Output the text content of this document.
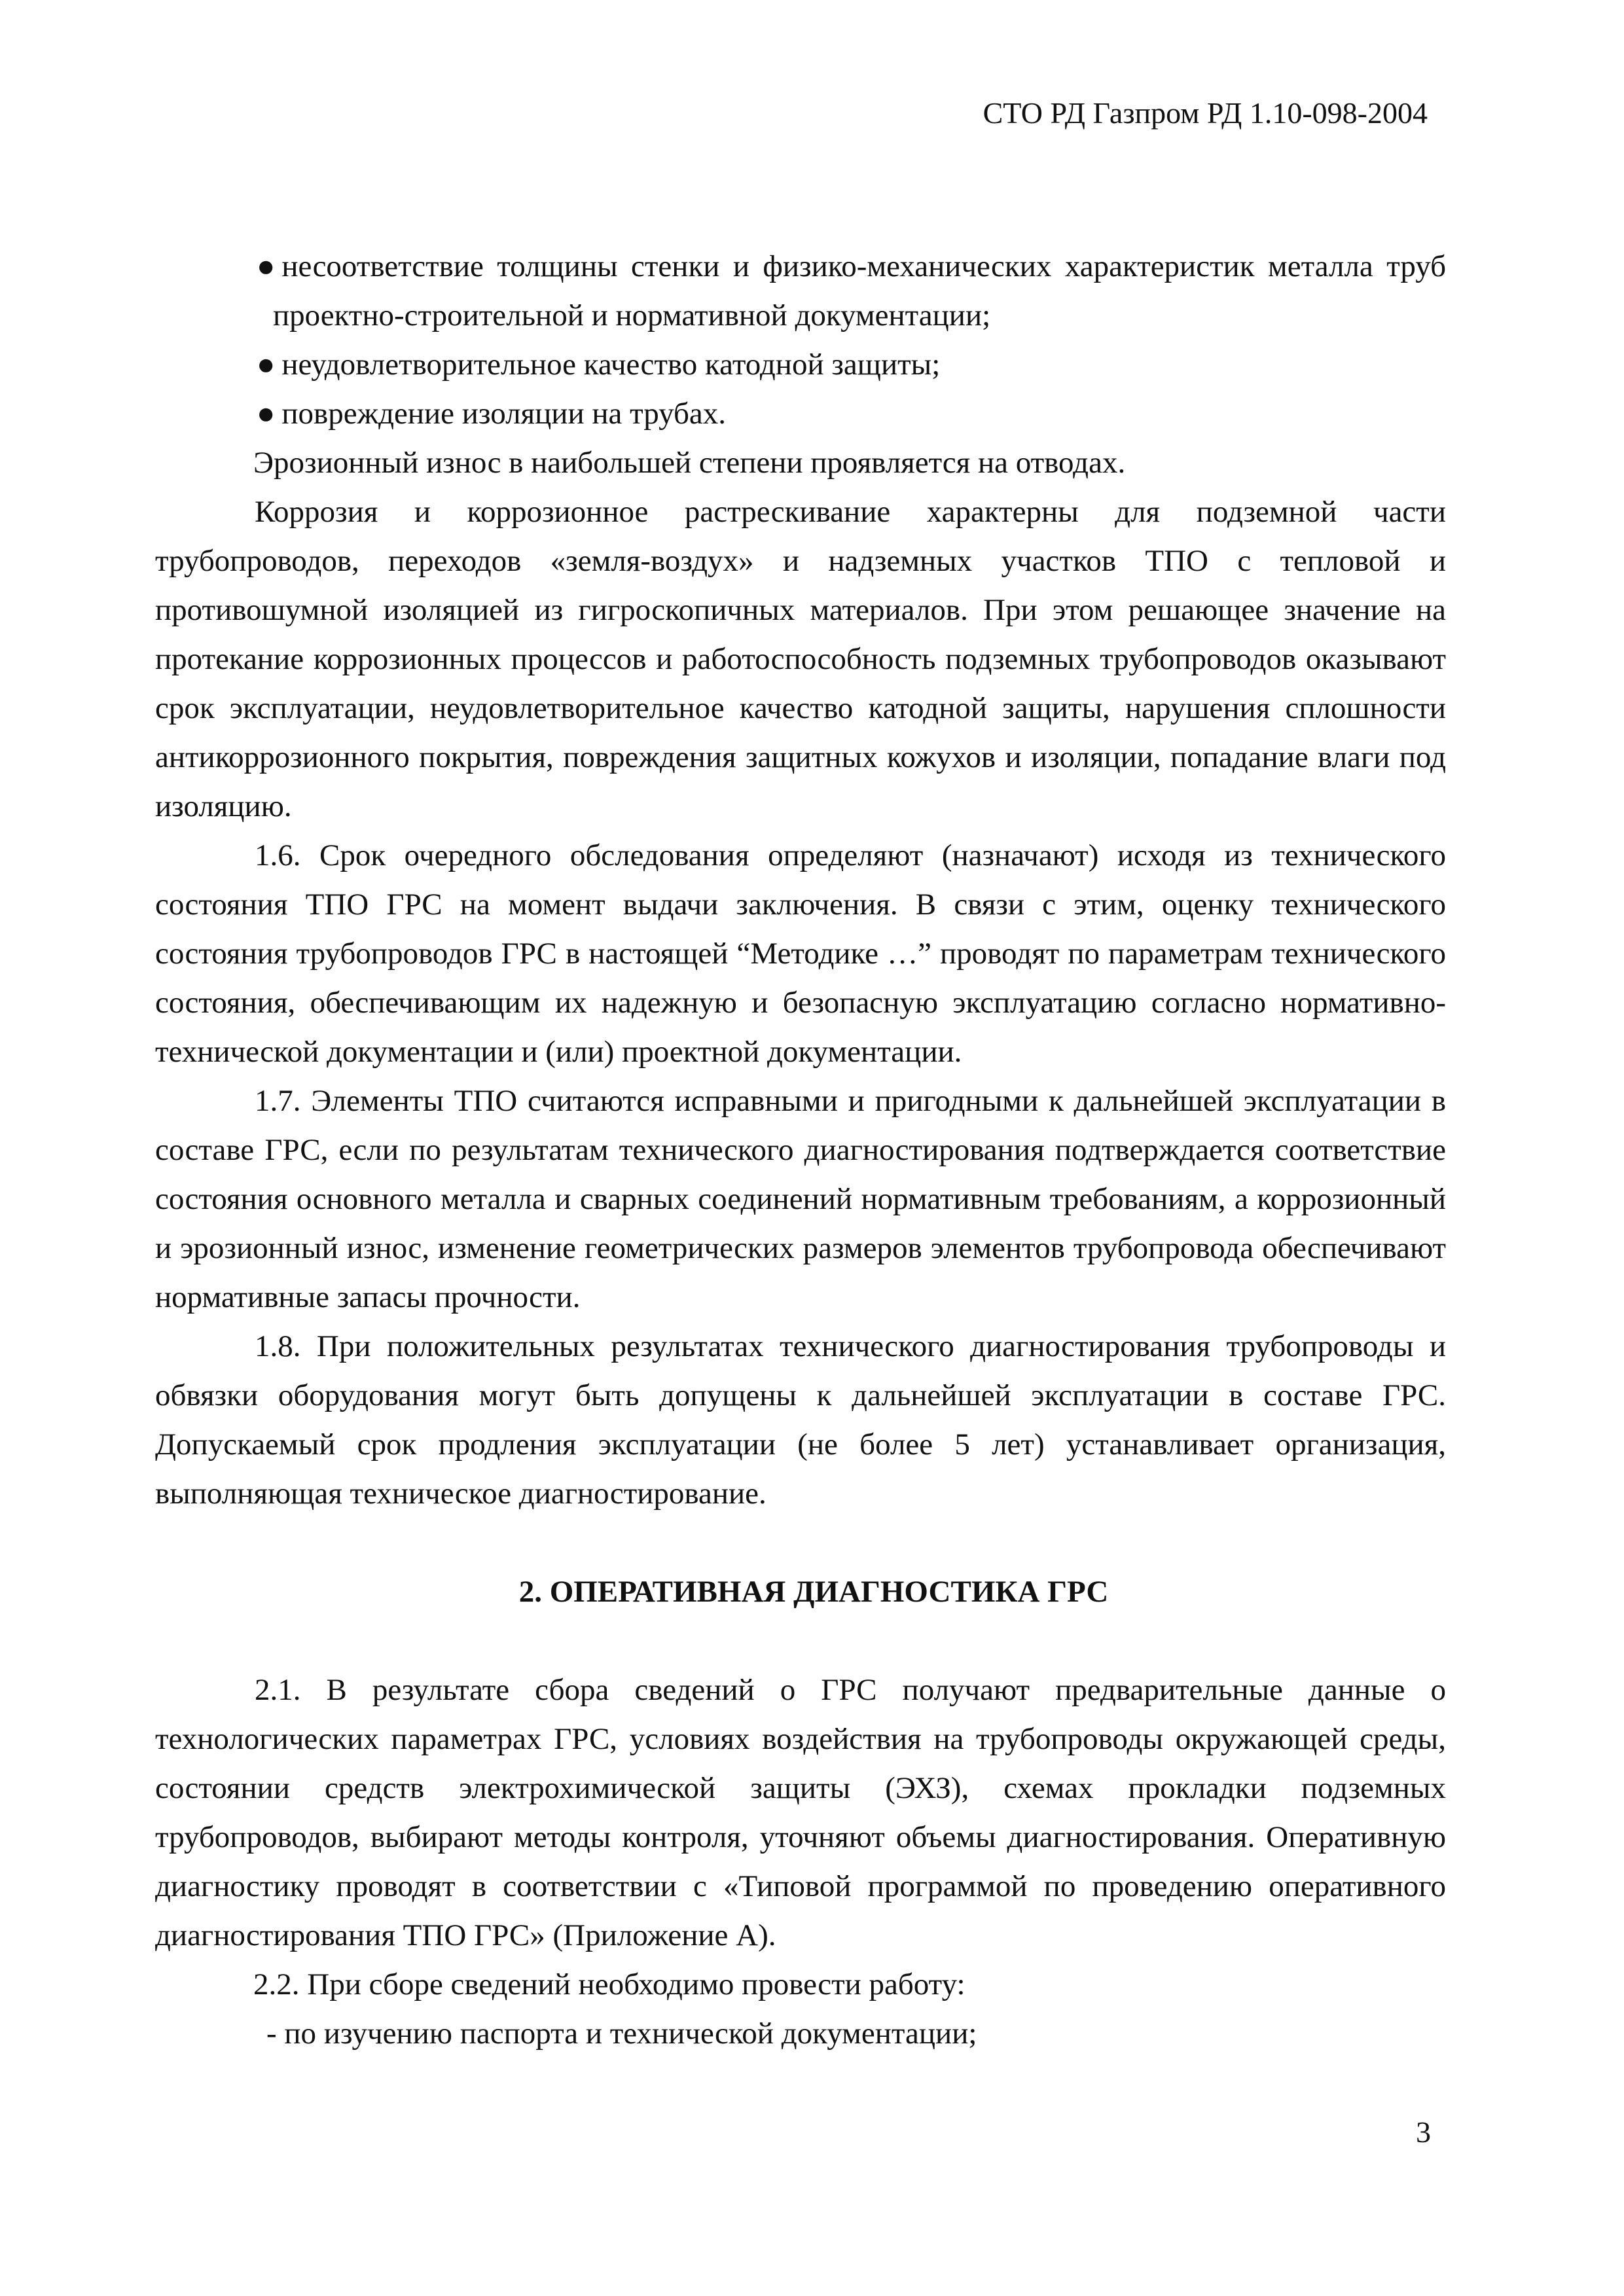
СТО РД Газпром РД 1.10-098-2004

● несоответствие толщины стенки и физико-механических характеристик металла труб проектно-строительной и нормативной документации;

● неудовлетворительное качество катодной защиты;

● повреждение изоляции на трубах.

Эрозионный износ в наибольшей степени проявляется на отводах.

Коррозия и коррозионное растрескивание характерны для подземной части трубопроводов, переходов «земля-воздух» и надземных участков ТПО с тепловой и противошумной изоляцией из гигроскопичных материалов. При этом решающее значение на протекание коррозионных процессов и работоспособность подземных трубопроводов оказывают срок эксплуатации, неудовлетворительное качество катодной защиты, нарушения сплошности антикоррозионного покрытия, повреждения защитных кожухов и изоляции, попадание влаги под изоляцию.

1.6. Срок очередного обследования определяют (назначают) исходя из технического состояния ТПО ГРС на момент выдачи заключения. В связи с этим, оценку технического состояния трубопроводов ГРС в настоящей “Методике …” проводят по параметрам технического состояния, обеспечивающим их надежную и безопасную эксплуатацию согласно нормативно-технической документации и (или) проектной документации.

1.7. Элементы ТПО считаются исправными и пригодными к дальнейшей эксплуатации в составе ГРС, если по результатам технического диагностирования подтверждается соответствие состояния основного металла и сварных соединений нормативным требованиям, а коррозионный и эрозионный износ, изменение геометрических размеров элементов трубопровода обеспечивают нормативные запасы прочности.

1.8. При положительных результатах технического диагностирования трубопроводы и обвязки оборудования могут быть допущены к дальнейшей эксплуатации в составе ГРС. Допускаемый срок продления эксплуатации (не более 5 лет) устанавливает организация, выполняющая техническое диагностирование.

2. ОПЕРАТИВНАЯ ДИАГНОСТИКА ГРС

2.1. В результате сбора сведений о ГРС получают предварительные данные о технологических параметрах ГРС, условиях воздействия на трубопроводы окружающей среды, состоянии средств электрохимической защиты (ЭХЗ), схемах прокладки подземных трубопроводов, выбирают методы контроля, уточняют объемы диагностирования. Оперативную диагностику проводят в соответствии с «Типовой программой по проведению оперативного диагностирования ТПО ГРС» (Приложение А).

2.2. При сборе сведений необходимо провести работу:

- по изучению паспорта и технической документации;

3
